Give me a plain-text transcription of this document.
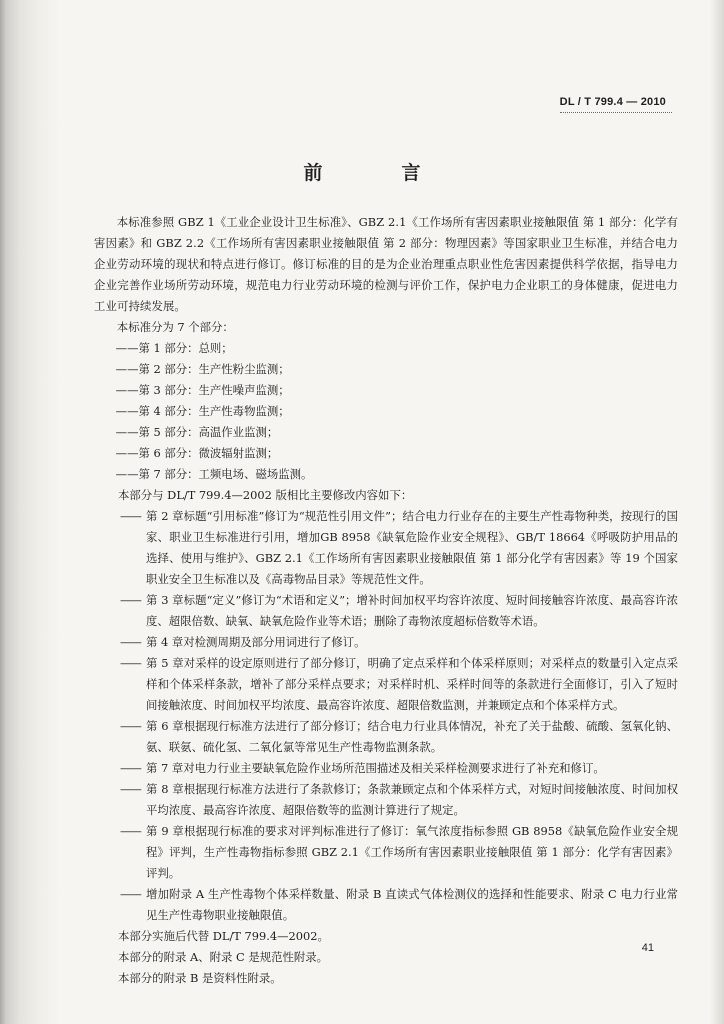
DL / T 799.4 — 2010
前　言

本标准参照 GBZ 1《工业企业设计卫生标准》、GBZ 2.1《工作场所有害因素职业接触限值 第 1 部分：化学有害因素》和 GBZ 2.2《工作场所有害因素职业接触限值 第 2 部分：物理因素》等国家职业卫生标准，并结合电力企业劳动环境的现状和特点进行修订。修订标准的目的是为企业治理重点职业性危害因素提供科学依据，指导电力企业完善作业场所劳动环境，规范电力行业劳动环境的检测与评价工作，保护电力企业职工的身体健康，促进电力工业可持续发展。

本标准分为 7 个部分：

——第 1 部分：总则；

——第 2 部分：生产性粉尘监测；

——第 3 部分：生产性噪声监测；

——第 4 部分：生产性毒物监测；

——第 5 部分：高温作业监测；

——第 6 部分：微波辐射监测；

——第 7 部分：工频电场、磁场监测。

本部分与 DL/T 799.4—2002 版相比主要修改内容如下：

—— 第 2 章标题“引用标准”修订为“规范性引用文件”；结合电力行业存在的主要生产性毒物种类，按现行的国家、职业卫生标准进行引用，增加GB 8958《缺氧危险作业安全规程》、GB/T 18664《呼吸防护用品的选择、使用与维护》、GBZ 2.1《工作场所有害因素职业接触限值 第 1 部分化学有害因素》等 19 个国家职业安全卫生标准以及《高毒物品目录》等规范性文件。

—— 第 3 章标题“定义”修订为“术语和定义”；增补时间加权平均容许浓度、短时间接触容许浓度、最高容许浓度、超限倍数、缺氧、缺氧危险作业等术语；删除了毒物浓度超标倍数等术语。

—— 第 4 章对检测周期及部分用词进行了修订。

—— 第 5 章对采样的设定原则进行了部分修订，明确了定点采样和个体采样原则；对采样点的数量引入定点采样和个体采样条款，增补了部分采样点要求；对采样时机、采样时间等的条款进行全面修订，引入了短时间接触浓度、时间加权平均浓度、最高容许浓度、超限倍数监测，并兼顾定点和个体采样方式。

—— 第 6 章根据现行标准方法进行了部分修订；结合电力行业具体情况，补充了关于盐酸、硫酸、氢氧化钠、氨、联氨、硫化氢、二氧化氯等常见生产性毒物监测条款。

—— 第 7 章对电力行业主要缺氧危险作业场所范围描述及相关采样检测要求进行了补充和修订。

—— 第 8 章根据现行标准方法进行了条款修订；条款兼顾定点和个体采样方式，对短时间接触浓度、时间加权平均浓度、最高容许浓度、超限倍数等的监测计算进行了规定。

—— 第 9 章根据现行标准的要求对评判标准进行了修订：氧气浓度指标参照 GB 8958《缺氧危险作业安全规程》评判，生产性毒物指标参照 GBZ 2.1《工作场所有害因素职业接触限值 第 1 部分：化学有害因素》评判。

—— 增加附录 A 生产性毒物个体采样数量、附录 B 直读式气体检测仪的选择和性能要求、附录 C 电力行业常见生产性毒物职业接触限值。

本部分实施后代替 DL/T 799.4—2002。

本部分的附录 A、附录 C 是规范性附录。

本部分的附录 B 是资料性附录。

41
